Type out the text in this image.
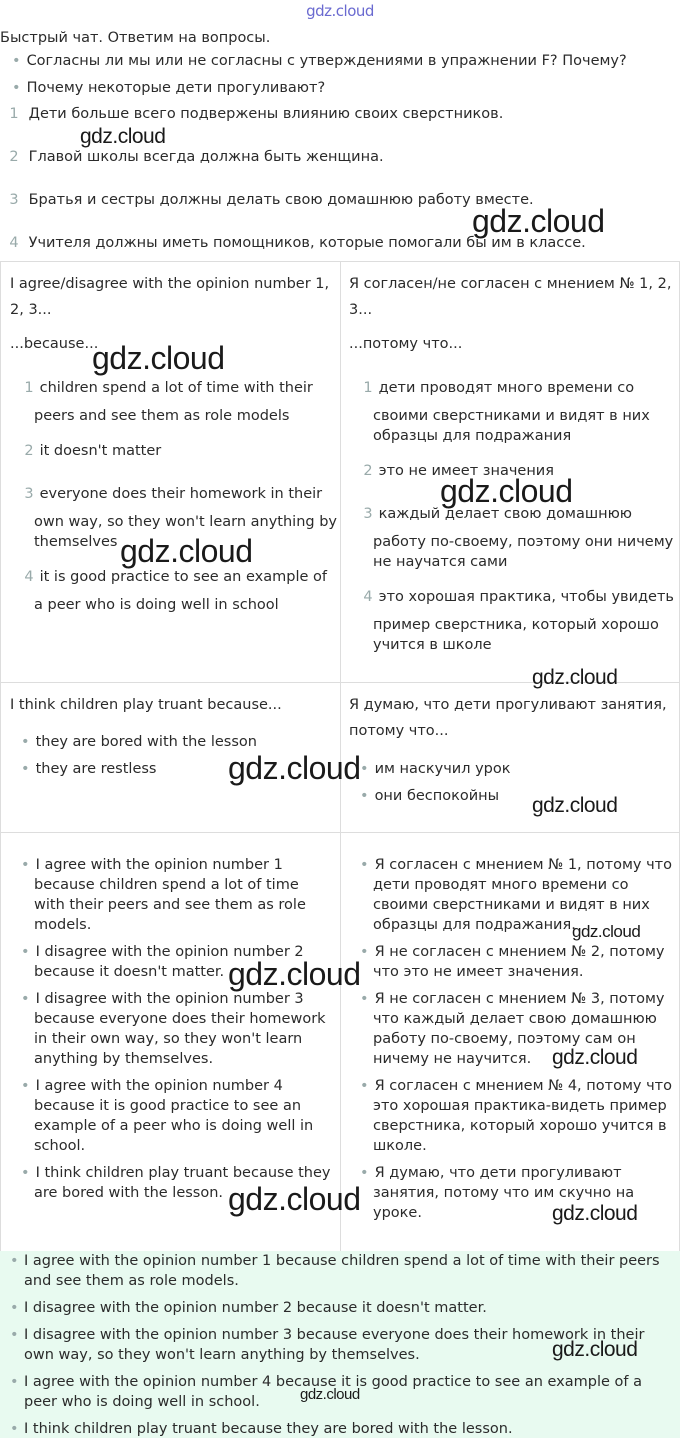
gdz.cloud
Быстрый чат. Ответим на вопросы.
• Согласны ли мы или не согласны с утверждениями в упражнении F? Почему?
• Почему некоторые дети прогуливают?
1 Дети больше всего подвержены влиянию своих сверстников.
2 Главой школы всегда должна быть женщина.
3 Братья и сестры должны делать свою домашнюю работу вместе.
4 Учителя должны иметь помощников, которые помогали бы им в классе.
I agree/disagree with the opinion number 1,
2, 3...
...because...
1 children spend a lot of time with their
peers and see them as role models
2 it doesn't matter
3 everyone does their homework in their
own way, so they won't learn anything by
themselves
4 it is good practice to see an example of
a peer who is doing well in school
Я согласен/не согласен с мнением № 1, 2,
3...
...потому что...
1 дети проводят много времени со
своими сверстниками и видят в них
образцы для подражания
2 это не имеет значения
3 каждый делает свою домашнюю
работу по-своему, поэтому они ничему
не научатся сами
4 это хорошая практика, чтобы увидеть
пример сверстника, который хорошо
учится в школе
I think children play truant because...
• they are bored with the lesson
• they are restless
Я думаю, что дети прогуливают занятия,
потому что...
• им наскучил урок
• они беспокойны
• I agree with the opinion number 1
because children spend a lot of time
with their peers and see them as role
models.
• I disagree with the opinion number 2
because it doesn't matter.
• I disagree with the opinion number 3
because everyone does their homework
in their own way, so they won't learn
anything by themselves.
• I agree with the opinion number 4
because it is good practice to see an
example of a peer who is doing well in
school.
• I think children play truant because they
are bored with the lesson.
• Я согласен с мнением № 1, потому что
дети проводят много времени со
своими сверстниками и видят в них
образцы для подражания.
• Я не согласен с мнением № 2, потому
что это не имеет значения.
• Я не согласен с мнением № 3, потому
что каждый делает свою домашнюю
работу по-своему, поэтому сам он
ничему не научится.
• Я согласен с мнением № 4, потому что
это хорошая практика-видеть пример
сверстника, который хорошо учится в
школе.
• Я думаю, что дети прогуливают
занятия, потому что им скучно на
уроке.
• I agree with the opinion number 1 because children spend a lot of time with their peers
and see them as role models.
• I disagree with the opinion number 2 because it doesn't matter.
• I disagree with the opinion number 3 because everyone does their homework in their
own way, so they won't learn anything by themselves.
• I agree with the opinion number 4 because it is good practice to see an example of a
peer who is doing well in school.
• I think children play truant because they are bored with the lesson.
gdz.cloud
gdz.cloud
gdz.cloud
gdz.cloud
gdz.cloud
gdz.cloud
gdz.cloud
gdz.cloud
gdz.cloud
gdz.cloud
gdz.cloud
gdz.cloud	gdz.cloud
gdz.cloud
gdz.cloud
